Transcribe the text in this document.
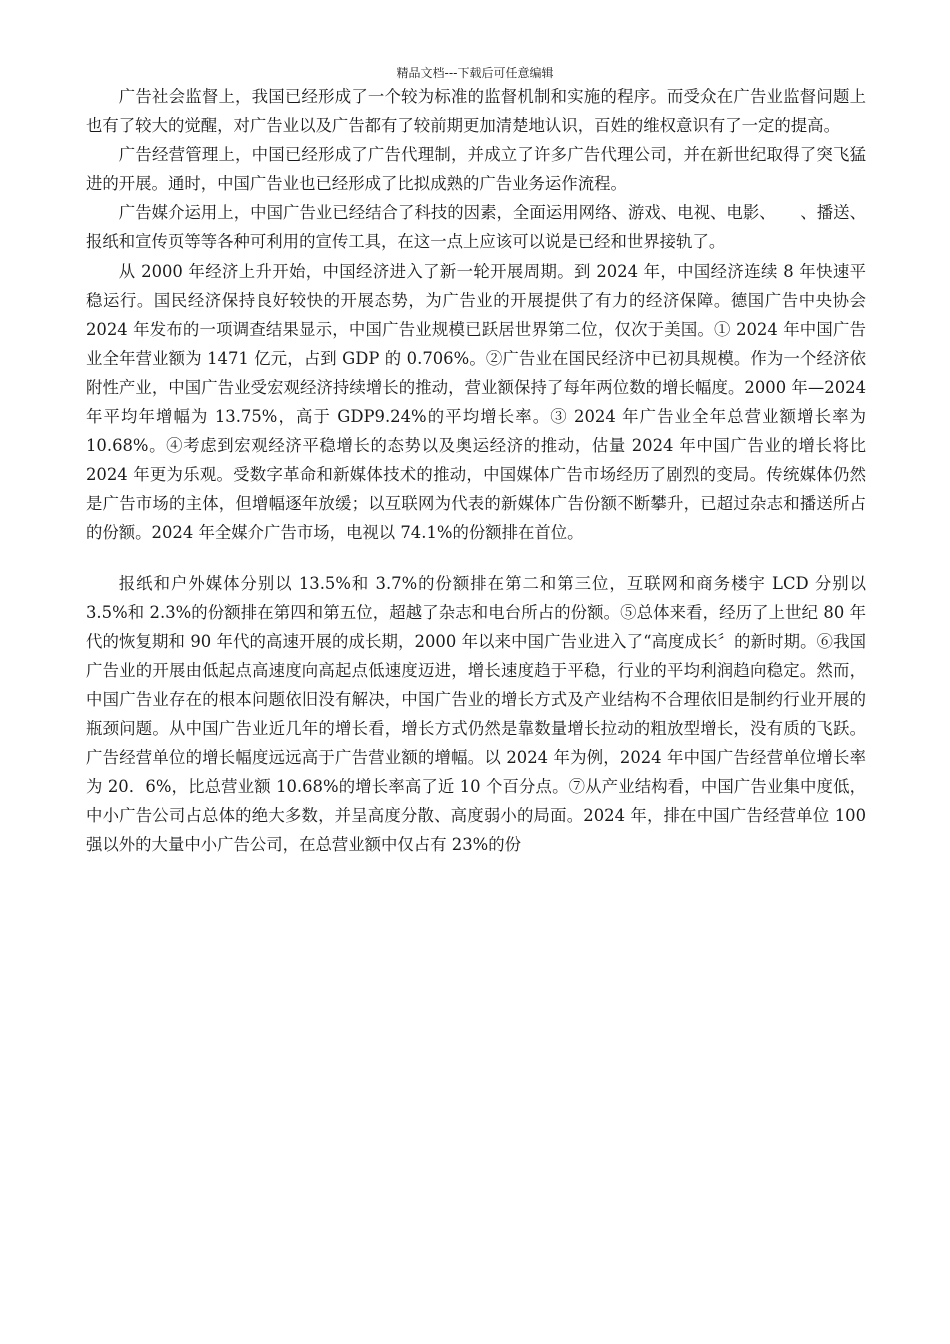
精品文档---下载后可任意编辑

广告社会监督上，我国已经形成了一个较为标准的监督机制和实施的程序。而受众在广告业监督问题上也有了较大的觉醒，对广告业以及广告都有了较前期更加清楚地认识，百姓的维权意识有了一定的提高。

广告经营管理上，中国已经形成了广告代理制，并成立了许多广告代理公司，并在新世纪取得了突飞猛进的开展。通时，中国广告业也已经形成了比拟成熟的广告业务运作流程。

广告媒介运用上，中国广告业已经结合了科技的因素，全面运用网络、游戏、电视、电影、　　、播送、报纸和宣传页等等各种可利用的宣传工具，在这一点上应该可以说是已经和世界接轨了。

从 2000 年经济上升开始，中国经济进入了新一轮开展周期。到 2024 年，中国经济连续 8 年快速平稳运行。国民经济保持良好较快的开展态势，为广告业的开展提供了有力的经济保障。德国广告中央协会 2024 年发布的一项调查结果显示，中国广告业规模已跃居世界第二位，仅次于美国。① 2024 年中国广告业全年营业额为 1471 亿元，占到 GDP 的 0.706%。②广告业在国民经济中已初具规模。作为一个经济依附性产业，中国广告业受宏观经济持续增长的推动，营业额保持了每年两位数的增长幅度。2000 年—2024 年平均年增幅为 13.75%，高于 GDP9.24%的平均增长率。③ 2024 年广告业全年总营业额增长率为 10.68%。④考虑到宏观经济平稳增长的态势以及奥运经济的推动，估量 2024 年中国广告业的增长将比 2024 年更为乐观。受数字革命和新媒体技术的推动，中国媒体广告市场经历了剧烈的变局。传统媒体仍然是广告市场的主体，但增幅逐年放缓；以互联网为代表的新媒体广告份额不断攀升，已超过杂志和播送所占的份额。2024 年全媒介广告市场，电视以 74.1%的份额排在首位。

报纸和户外媒体分别以 13.5%和 3.7%的份额排在第二和第三位，互联网和商务楼宇 LCD 分别以 3.5%和 2.3%的份额排在第四和第五位，超越了杂志和电台所占的份额。⑤总体来看，经历了上世纪 80 年代的恢复期和 90 年代的高速开展的成长期，2000 年以来中国广告业进入了“高度成长〞的新时期。⑥我国广告业的开展由低起点高速度向高起点低速度迈进，增长速度趋于平稳，行业的平均利润趋向稳定。然而，中国广告业存在的根本问题依旧没有解决，中国广告业的增长方式及产业结构不合理依旧是制约行业开展的瓶颈问题。从中国广告业近几年的增长看，增长方式仍然是靠数量增长拉动的粗放型增长，没有质的飞跃。广告经营单位的增长幅度远远高于广告营业额的增幅。以 2024 年为例，2024 年中国广告经营单位增长率为 20．6%，比总营业额 10.68%的增长率高了近 10 个百分点。⑦从产业结构看，中国广告业集中度低，中小广告公司占总体的绝大多数，并呈高度分散、高度弱小的局面。2024 年，排在中国广告经营单位 100 强以外的大量中小广告公司，在总营业额中仅占有 23%的份
